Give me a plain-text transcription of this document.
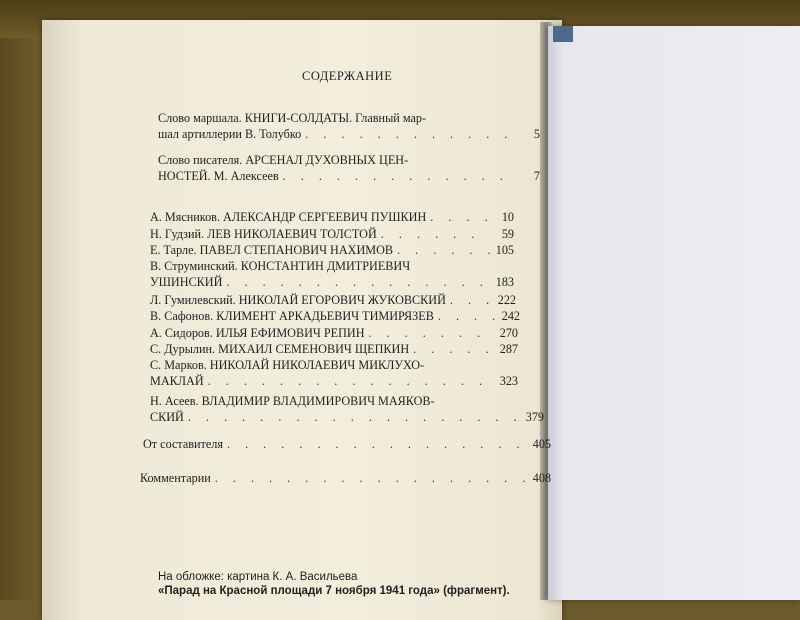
СОДЕРЖАНИЕ
Слово маршала. КНИГИ-СОЛДАТЫ. Главный мар-
шал артиллерии В. Толубко . . .	5
Слово писателя. АРСЕНАЛ ДУХОВНЫХ ЦЕН-
НОСТЕЙ. М. Алексеев . . .	7
А. Мясников. АЛЕКСАНДР СЕРГЕЕВИЧ ПУШКИН . . .	10
Н. Гудзий. ЛЕВ НИКОЛАЕВИЧ ТОЛСТОЙ . . .	59
Е. Тарле. ПАВЕЛ СТЕПАНОВИЧ НАХИМОВ . . .	105
В. Струминский. КОНСТАНТИН ДМИТРИЕВИЧ
УШИНСКИЙ . . .	183
Л. Гумилевский. НИКОЛАЙ ЕГОРОВИЧ ЖУКОВСКИЙ . . .	222
В. Сафонов. КЛИМЕНТ АРКАДЬЕВИЧ ТИМИРЯЗЕВ . . .	242
А. Сидоров. ИЛЬЯ ЕФИМОВИЧ РЕПИН . . .	270
С. Дурылин. МИХАИЛ СЕМЕНОВИЧ ЩЕПКИН . . .	287
С. Марков. НИКОЛАЙ НИКОЛАЕВИЧ МИКЛУХО-
МАКЛАЙ . . .	323
Н. Асеев. ВЛАДИМИР ВЛАДИМИРОВИЧ МАЯКОВ-
СКИЙ . . .	379
От составителя . . .	405
Комментарии . . .	408
На обложке: картина К. А. Васильева
«Парад на Красной площади 7 ноября 1941 года» (фрагмент).
